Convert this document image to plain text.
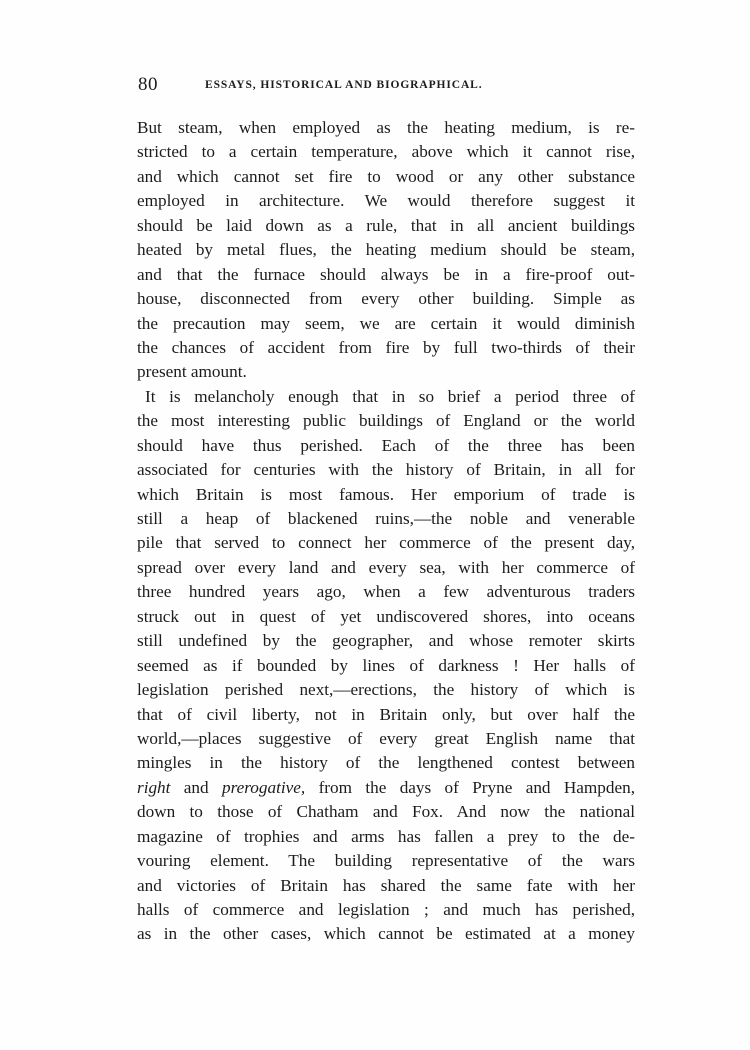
80	ESSAYS, HISTORICAL AND BIOGRAPHICAL.
But steam, when employed as the heating medium, is re-
stricted to a certain temperature, above which it cannot rise,
and which cannot set fire to wood or any other substance
employed in architecture. We would therefore suggest it
should be laid down as a rule, that in all ancient buildings
heated by metal flues, the heating medium should be steam,
and that the furnace should always be in a fire-proof out-
house, disconnected from every other building. Simple as
the precaution may seem, we are certain it would diminish
the chances of accident from fire by full two-thirds of their
present amount.
It is melancholy enough that in so brief a period three of
the most interesting public buildings of England or the world
should have thus perished. Each of the three has been
associated for centuries with the history of Britain, in all for
which Britain is most famous. Her emporium of trade is
still a heap of blackened ruins,—the noble and venerable
pile that served to connect her commerce of the present day,
spread over every land and every sea, with her commerce of
three hundred years ago, when a few adventurous traders
struck out in quest of yet undiscovered shores, into oceans
still undefined by the geographer, and whose remoter skirts
seemed as if bounded by lines of darkness ! Her halls of
legislation perished next,—erections, the history of which is
that of civil liberty, not in Britain only, but over half the
world,—places suggestive of every great English name that
mingles in the history of the lengthened contest between
right and prerogative, from the days of Pryne and Hampden,
down to those of Chatham and Fox. And now the national
magazine of trophies and arms has fallen a prey to the de-
vouring element. The building representative of the wars
and victories of Britain has shared the same fate with her
halls of commerce and legislation ; and much has perished,
as in the other cases, which cannot be estimated at a money
